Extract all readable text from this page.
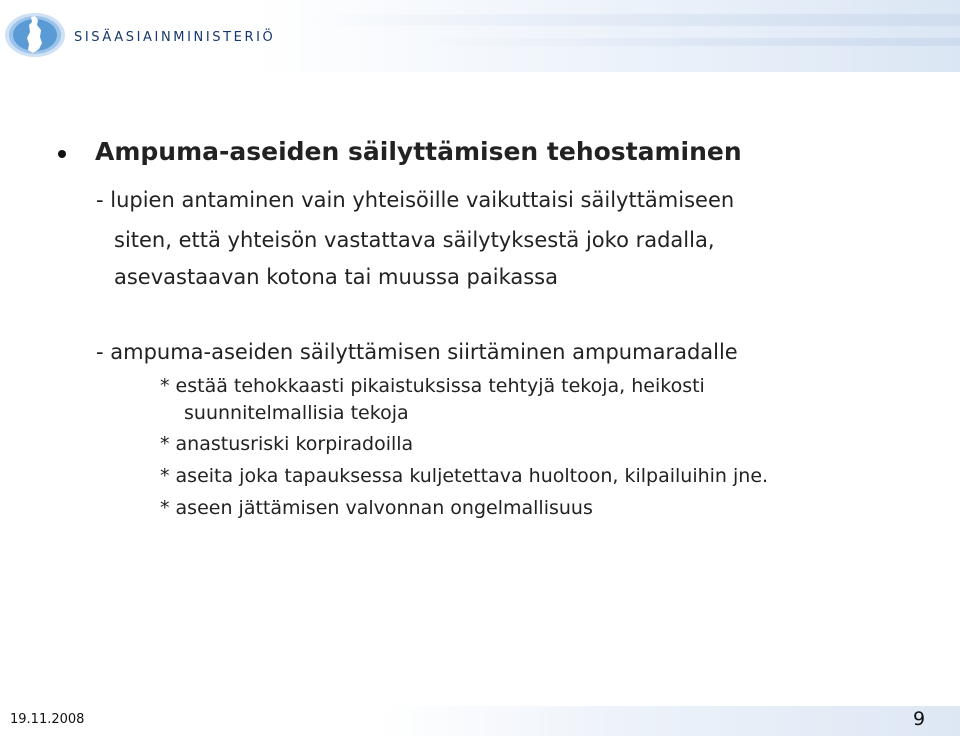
SISÄASIAINMINISTERIÖ
Ampuma-aseiden säilyttämisen tehostaminen
- lupien antaminen vain yhteisöille vaikuttaisi säilyttämiseen
siten, että yhteisön vastattava säilytyksestä joko radalla,
asevastaavan kotona tai muussa paikassa
- ampuma-aseiden säilyttämisen siirtäminen ampumaradalle
* estää tehokkaasti pikaistuksissa tehtyjä tekoja, heikosti
suunnitelmallisia tekoja
* anastusriski korpiradoilla
* aseita joka tapauksessa kuljetettava huoltoon, kilpailuihin jne.
* aseen jättämisen valvonnan ongelmallisuus
19.11.2008	9
